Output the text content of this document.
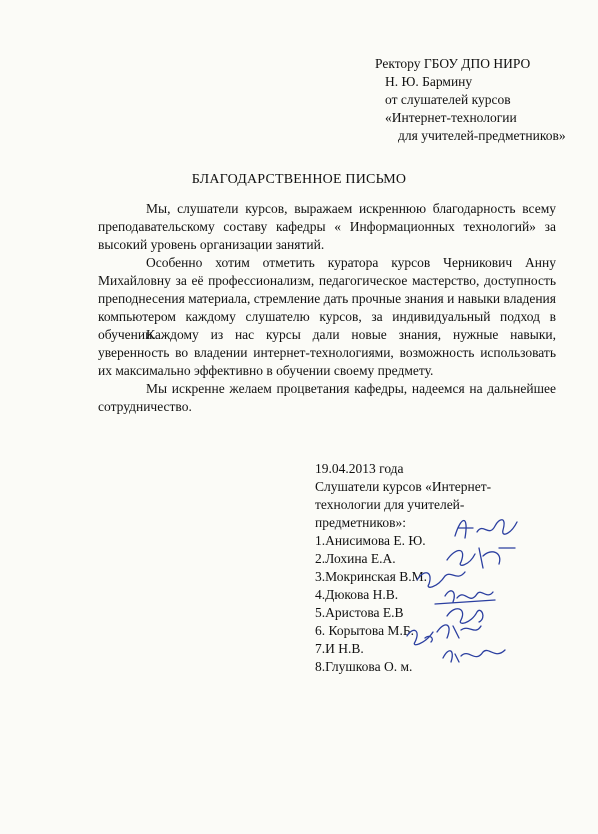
Ректору ГБОУ ДПО НИРО
Н. Ю. Бармину
от слушателей курсов
«Интернет-технологии
для учителей-предметников»
БЛАГОДАРСТВЕННОЕ ПИСЬМО
Мы, слушатели курсов, выражаем искреннюю благодарность всему преподавательскому составу кафедры « Информационных технологий» за высокий уровень организации занятий.
Особенно хотим отметить куратора курсов Черникович Анну Михайловну за её профессионализм, педагогическое мастерство, доступность преподнесения материала, стремление дать прочные знания и навыки владения компьютером каждому слушателю курсов, за индивидуальный подход в обучении.
Каждому из нас курсы дали новые знания, нужные навыки, уверенность во владении интернет-технологиями, возможность использовать их максимально эффективно в обучении своему предмету.
Мы искренне желаем процветания кафедры, надеемся на дальнейшее сотрудничество.
19.04.2013 года
Слушатели курсов «Интернет-
технологии для учителей-
предметников»:
1.Анисимова Е. Ю.
2.Лохина Е.А.
3.Мокринская В.М.
4.Дюкова Н.В.
5.Аристова Е.В
6. Корытова М.Б.
7.И Н.В.
8.Глушкова О. м.
